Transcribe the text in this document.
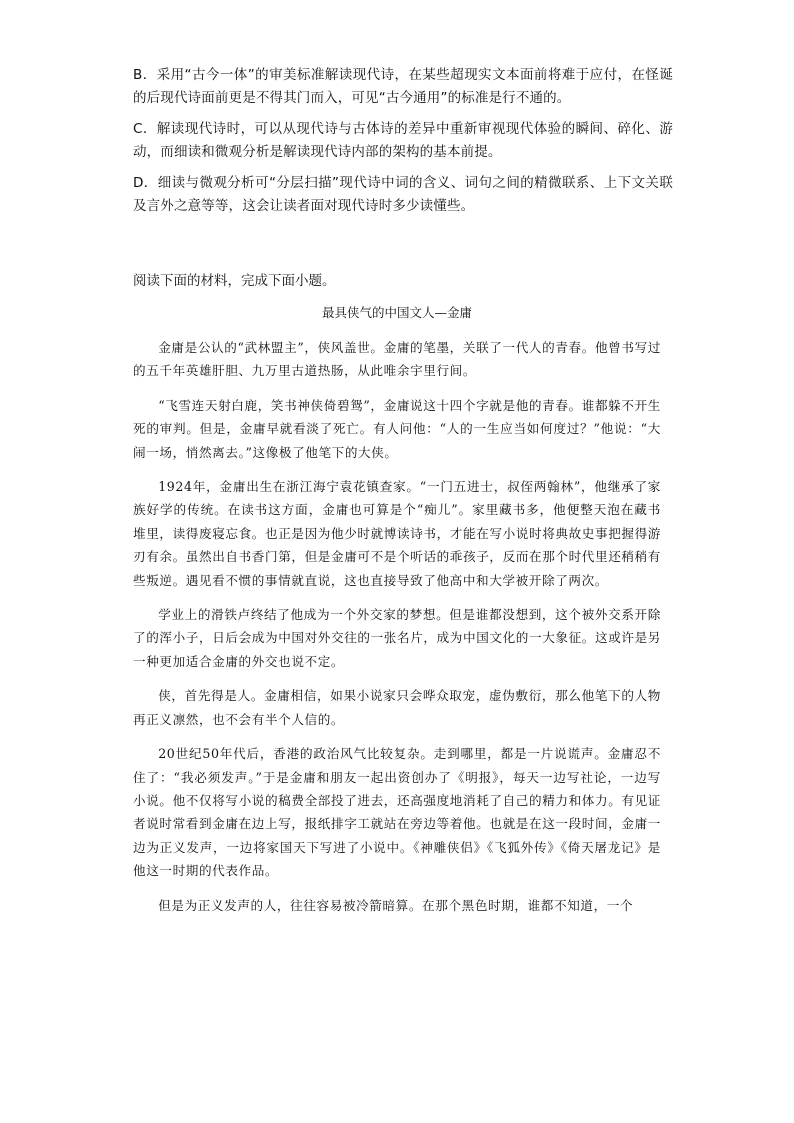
B．采用“古今一体”的审美标准解读现代诗，在某些超现实文本面前将难于应付，在怪诞的后现代诗面前更是不得其门而入，可见“古今通用”的标准是行不通的。

C．解读现代诗时，可以从现代诗与古体诗的差异中重新审视现代体验的瞬间、碎化、游动，而细读和微观分析是解读现代诗内部的架构的基本前提。

D．细读与微观分析可“分层扫描”现代诗中词的含义、词句之间的精微联系、上下文关联及言外之意等等，这会让读者面对现代诗时多少读懂些。

阅读下面的材料，完成下面小题。

最具侠气的中国文人—金庸

金庸是公认的“武林盟主”，侠风盖世。金庸的笔墨，关联了一代人的青春。他曾书写过的五千年英雄肝胆、九万里古道热肠，从此唯余宇里行间。

“飞雪连天射白鹿，笑书神侠倚碧鸳”，金庸说这十四个字就是他的青春。谁都躲不开生死的审判。但是，金庸早就看淡了死亡。有人问他：“人的一生应当如何度过？”他说：“大闹一场，悄然离去。”这像极了他笔下的大侠。

1924年，金庸出生在浙江海宁袁花镇查家。“一门五进士，叔侄两翰林”，他继承了家族好学的传统。在读书这方面，金庸也可算是个“痴儿”。家里藏书多，他便整天泡在藏书堆里，读得废寝忘食。也正是因为他少时就博读诗书，才能在写小说时将典故史事把握得游刃有余。虽然出自书香门第，但是金庸可不是个听话的乖孩子，反而在那个时代里还稍稍有些叛逆。遇见看不惯的事情就直说，这也直接导致了他高中和大学被开除了两次。

学业上的滑铁卢终结了他成为一个外交家的梦想。但是谁都没想到，这个被外交系开除了的浑小子，日后会成为中国对外交往的一张名片，成为中国文化的一大象征。这或许是另一种更加适合金庸的外交也说不定。

侠，首先得是人。金庸相信，如果小说家只会哗众取宠，虚伪敷衍，那么他笔下的人物再正义凛然，也不会有半个人信的。

20世纪50年代后，香港的政治风气比较复杂。走到哪里，都是一片说谎声。金庸忍不住了：“我必须发声。”于是金庸和朋友一起出资创办了《明报》，每天一边写社论，一边写小说。他不仅将写小说的稿费全部投了进去，还高强度地消耗了自己的精力和体力。有见证者说时常看到金庸在边上写，报纸排字工就站在旁边等着他。也就是在这一段时间，金庸一边为正义发声，一边将家国天下写进了小说中。《神雕侠侣》《飞狐外传》《倚天屠龙记》是他这一时期的代表作品。

但是为正义发声的人，往往容易被冷箭暗算。在那个黑色时期，谁都不知道，一个
